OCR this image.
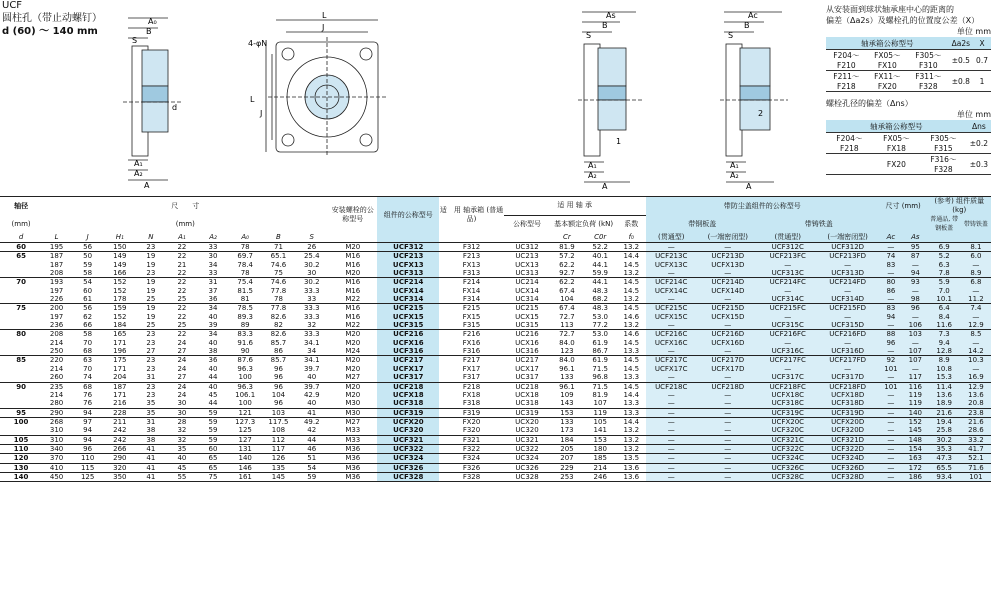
UCF
圆柱孔（带止动螺钉）
d (60) ～ 140 mm
A₀
B
S
d
A₁
A₂
A
4-φN
L
J
L
J
As
B
S
1
A₁
A₂
A
Ac
B
S
2
A₁
A₂
A
从安装面到球状轴承座中心的距离的
偏差（Δa2s）及螺栓孔的位置度公差（X）
单位 mm
轴承箱公称型号			Δa2s	X
F204～F210	FX05～FX10	F305～F310	±0.5	0.7
F211～F218	FX11～FX20	F311～F328	±0.8	1
螺栓孔径的偏差（Δns）
单位 mm
轴承箱公称型号			Δns
F204～F218	FX05～FX18	F305～F315	±0.2
	FX20	F316～F328	±0.3
轴径	尺　　寸									安装螺栓的公称型号	组件的公称型号	适　用 轴承箱 (普通品)	适 用 轴 承				带防尘盖组件的公称型号				尺寸 (mm)		(参考) 组件质量 (kg)	
(mm)	(mm)												公称型号	基本额定负荷 (kN)		系数	带钢板盖		带铸铁盖				普通品, 带钢板盖	带铸铁盖
d	L	J	H₁	N	A₁	A₂	A₀	B	S					Cr	C0r	f₀	(贯通型)	(一端密闭型)	(贯通型)	(一端密闭型)	Ac	As		
60	195	56	150	23	22	33	78	71	26	M20	UCF312	F312	UC312	81.9	52.2	13.2	—	—	UCF312C	UCF312D	—	95	6.9	8.1
65	187	50	149	19	22	30	69.7	65.1	25.4	M16	UCF213	F213	UC213	57.2	40.1	14.4	UCF213C	UCF213D	UCF213FC	UCF213FD	74	87	5.2	6.0
	187	59	149	19	21	34	78.4	74.6	30.2	M16	UCFX13	FX13	UCX13	62.2	44.1	14.5	UCFX13C	UCFX13D	—	—	83	—	6.3	—
	208	58	166	23	22	33	78	75	30	M20	UCF313	F313	UC313	92.7	59.9	13.2	—	—	UCF313C	UCF313D	—	94	7.8	8.9
70	193	54	152	19	22	31	75.4	74.6	30.2	M16	UCF214	F214	UC214	62.2	44.1	14.5	UCF214C	UCF214D	UCF214FC	UCF214FD	80	93	5.9	6.8
	197	60	152	19	22	37	81.5	77.8	33.3	M16	UCFX14	FX14	UCX14	67.4	48.3	14.5	UCFX14C	UCFX14D	—	—	86	—	7.0	—
	226	61	178	25	25	36	81	78	33	M22	UCF314	F314	UC314	104	68.2	13.2	—	—	UCF314C	UCF314D	—	98	10.1	11.2
75	200	56	159	19	22	34	78.5	77.8	33.3	M16	UCF215	F215	UC215	67.4	48.3	14.5	UCF215C	UCF215D	UCF215FC	UCF215FD	83	96	6.4	7.4
	197	62	152	19	22	40	89.3	82.6	33.3	M16	UCFX15	FX15	UCX15	72.7	53.0	14.6	UCFX15C	UCFX15D	—	—	94	—	8.4	—
	236	66	184	25	25	39	89	82	32	M22	UCF315	F315	UC315	113	77.2	13.2	—	—	UCF315C	UCF315D	—	106	11.6	12.9
80	208	58	165	23	22	34	83.3	82.6	33.3	M20	UCF216	F216	UC216	72.7	53.0	14.6	UCF216C	UCF216D	UCF216FC	UCF216FD	88	103	7.3	8.5
	214	70	171	23	24	40	91.6	85.7	34.1	M20	UCFX16	FX16	UCX16	84.0	61.9	14.5	UCFX16C	UCFX16D	—	—	96	—	9.4	—
	250	68	196	27	27	38	90	86	34	M24	UCF316	F316	UC316	123	86.7	13.3	—	—	UCF316C	UCF316D	—	107	12.8	14.2
85	220	63	175	23	24	36	87.6	85.7	34.1	M20	UCF217	F217	UC217	84.0	61.9	14.5	UCF217C	UCF217D	UCF217FC	UCF217FD	92	107	8.9	10.3
	214	70	171	23	24	40	96.3	96	39.7	M20	UCFX17	FX17	UCX17	96.1	71.5	14.5	UCFX17C	UCFX17D	—	—	101	—	10.8	—
	260	74	204	31	27	44	100	96	40	M27	UCF317	F317	UC317	133	96.8	13.3	—	—	UCF317C	UCF317D	—	117	15.3	16.9
90	235	68	187	23	24	40	96.3	96	39.7	M20	UCF218	F218	UC218	96.1	71.5	14.5	UCF218C	UCF218D	UCF218FC	UCF218FD	101	116	11.4	12.9
	214	76	171	23	24	45	106.1	104	42.9	M20	UCFX18	FX18	UCX18	109	81.9	14.4	—	—	UCFX18C	UCFX18D	—	119	13.6	13.6
	280	76	216	35	30	44	100	96	40	M30	UCF318	F318	UC318	143	107	13.3	—	—	UCF318C	UCF318D	—	119	18.9	20.8
95	290	94	228	35	30	59	121	103	41	M30	UCF319	F319	UC319	153	119	13.3	—	—	UCF319C	UCF319D	—	140	21.6	23.8
100	268	97	211	31	28	59	127.3	117.5	49.2	M27	UCFX20	FX20	UCX20	133	105	14.4	—	—	UCFX20C	UCFX20D	—	152	19.4	21.6
	310	94	242	38	32	59	125	108	42	M33	UCF320	F320	UC320	173	141	13.2	—	—	UCF320C	UCF320D	—	145	25.8	28.6
105	310	94	242	38	32	59	127	112	44	M33	UCF321	F321	UC321	184	153	13.2	—	—	UCF321C	UCF321D	—	148	30.2	33.2
110	340	96	266	41	35	60	131	117	46	M36	UCF322	F322	UC322	205	180	13.2	—	—	UCF322C	UCF322D	—	154	35.3	41.7
120	370	110	290	41	40	65	140	126	51	M36	UCF324	F324	UC324	207	185	13.5	—	—	UCF324C	UCF324D	—	163	47.3	52.1
130	410	115	320	41	45	65	146	135	54	M36	UCF326	F326	UC326	229	214	13.6	—	—	UCF326C	UCF326D	—	172	65.5	71.6
140	450	125	350	41	55	75	161	145	59	M36	UCF328	F328	UC328	253	246	13.6	—	—	UCF328C	UCF328D	—	186	93.4	101
